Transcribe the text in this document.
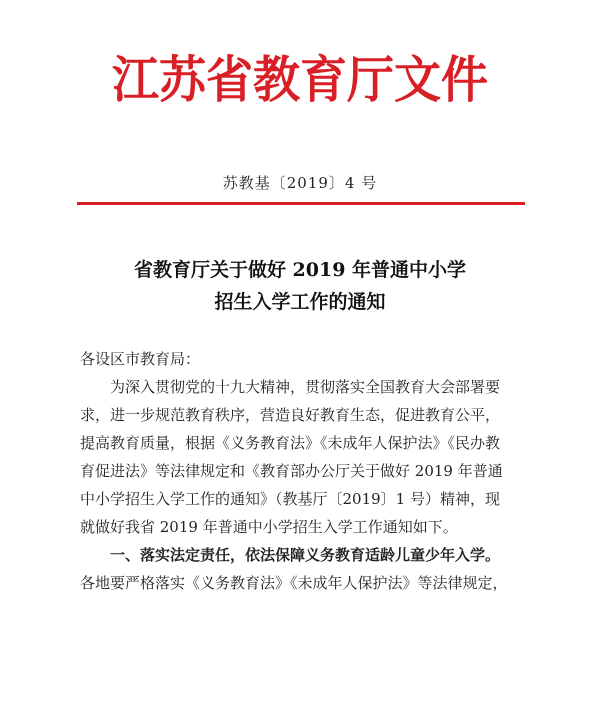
江苏省教育厅文件
苏教基〔2019〕4 号
省教育厅关于做好 2019 年普通中小学
招生入学工作的通知
各设区市教育局：
为深入贯彻党的十九大精神，贯彻落实全国教育大会部署要
求，进一步规范教育秩序，营造良好教育生态，促进教育公平，
提高教育质量，根据《义务教育法》《未成年人保护法》《民办教
育促进法》等法律规定和《教育部办公厅关于做好 2019 年普通
中小学招生入学工作的通知》（教基厅〔2019〕1 号）精神，现
就做好我省 2019 年普通中小学招生入学工作通知如下。
一、落实法定责任，依法保障义务教育适龄儿童少年入学。
各地要严格落实《义务教育法》《未成年人保护法》等法律规定，
